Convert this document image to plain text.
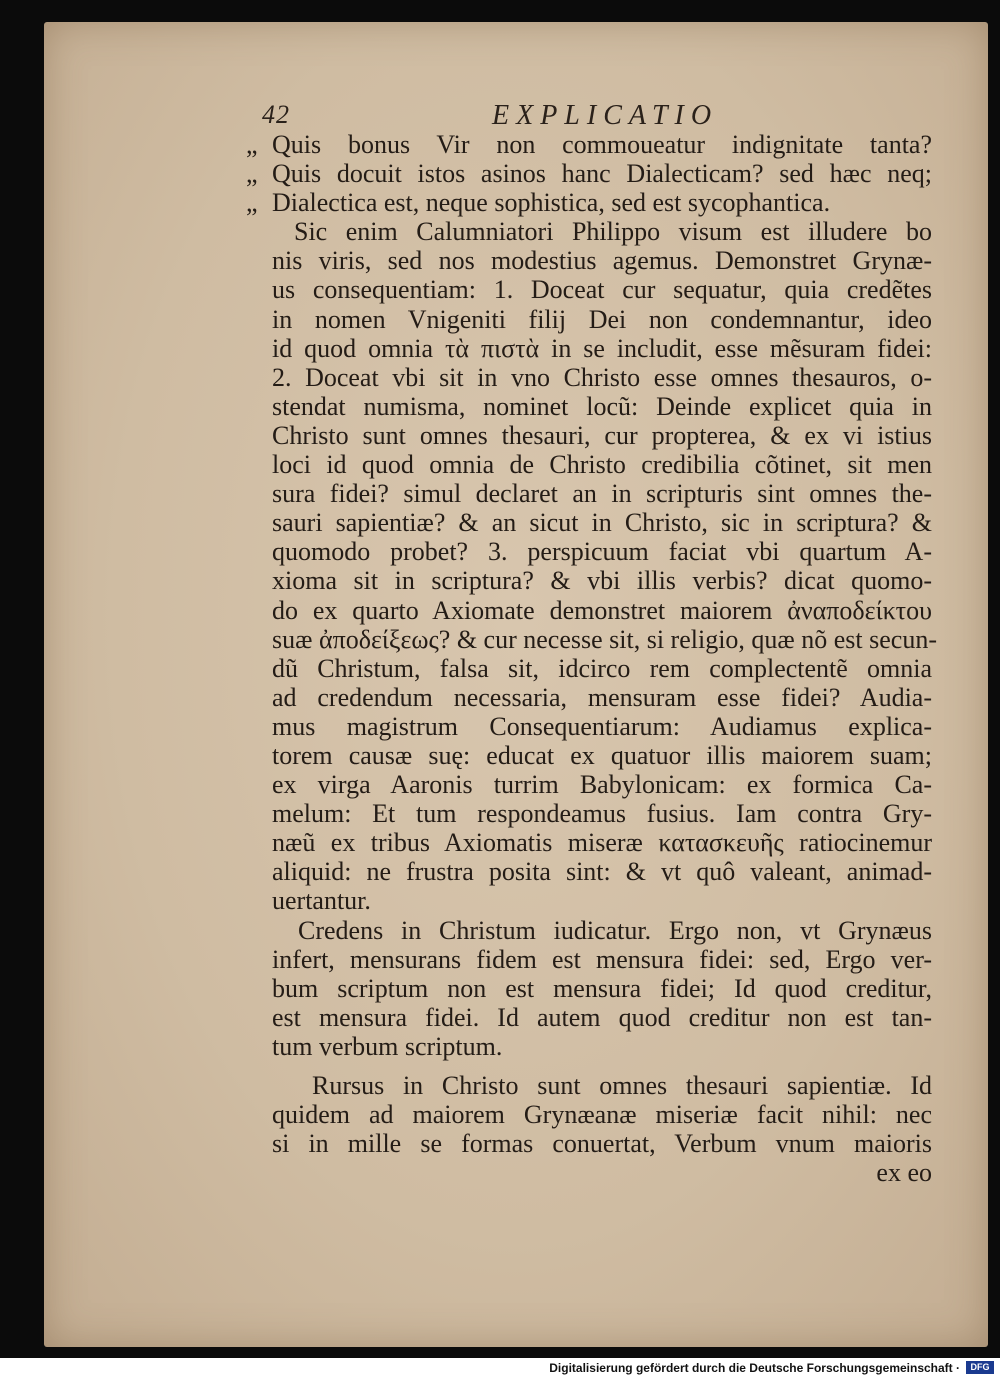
42	EXPLICATIO
„ Quis bonus Vir non commoueatur indignitate tanta?
„ Quis docuit istos asinos hanc Dialecticam? sed hæc neq;
„ Dialectica est, neque sophistica, sed est sycophantica.
Sic enim Calumniatori Philippo visum est illudere bo
nis viris, sed nos modestius agemus. Demonstret Grynæ-
us consequentiam: 1. Doceat cur sequatur, quia credẽtes
in nomen Vnigeniti filij Dei non condemnantur, ideo
id quod omnia τὰ πιστὰ in se includit, esse mẽsuram fidei:
2. Doceat vbi sit in vno Christo esse omnes thesauros, o-
stendat numisma, nominet locũ: Deinde explicet quia in
Christo sunt omnes thesauri, cur propterea, & ex vi istius
loci id quod omnia de Christo credibilia cõtinet, sit men
sura fidei? simul declaret an in scripturis sint omnes the-
sauri sapientiæ? & an sicut in Christo, sic in scriptura? &
quomodo probet? 3. perspicuum faciat vbi quartum A-
xioma sit in scriptura? & vbi illis verbis? dicat quomo-
do ex quarto Axiomate demonstret maiorem ἀναποδείκτου
suæ ἀποδείξεως? & cur necesse sit, si religio, quæ nõ est secun-
dũ Christum, falsa sit, idcirco rem complectentẽ omnia
ad credendum necessaria, mensuram esse fidei? Audia-
mus magistrum Consequentiarum: Audiamus explica-
torem causæ suę: educat ex quatuor illis maiorem suam;
ex virga Aaronis turrim Babylonicam: ex formica Ca-
melum: Et tum respondeamus fusius. Iam contra Gry-
næũ ex tribus Axiomatis miseræ κατασκευῆς ratiocinemur
aliquid: ne frustra posita sint: & vt quô valeant, animad-
uertantur.
Credens in Christum iudicatur. Ergo non, vt Grynæus
infert, mensurans fidem est mensura fidei: sed, Ergo ver-
bum scriptum non est mensura fidei; Id quod creditur,
est mensura fidei. Id autem quod creditur non est tan-
tum verbum scriptum.
Rursus in Christo sunt omnes thesauri sapientiæ. Id
quidem ad maiorem Grynæanæ miseriæ facit nihil: nec
si in mille se formas conuertat, Verbum vnum maioris
ex eo
Digitalisierung gefördert durch die Deutsche Forschungsgemeinschaft ·	DFG
